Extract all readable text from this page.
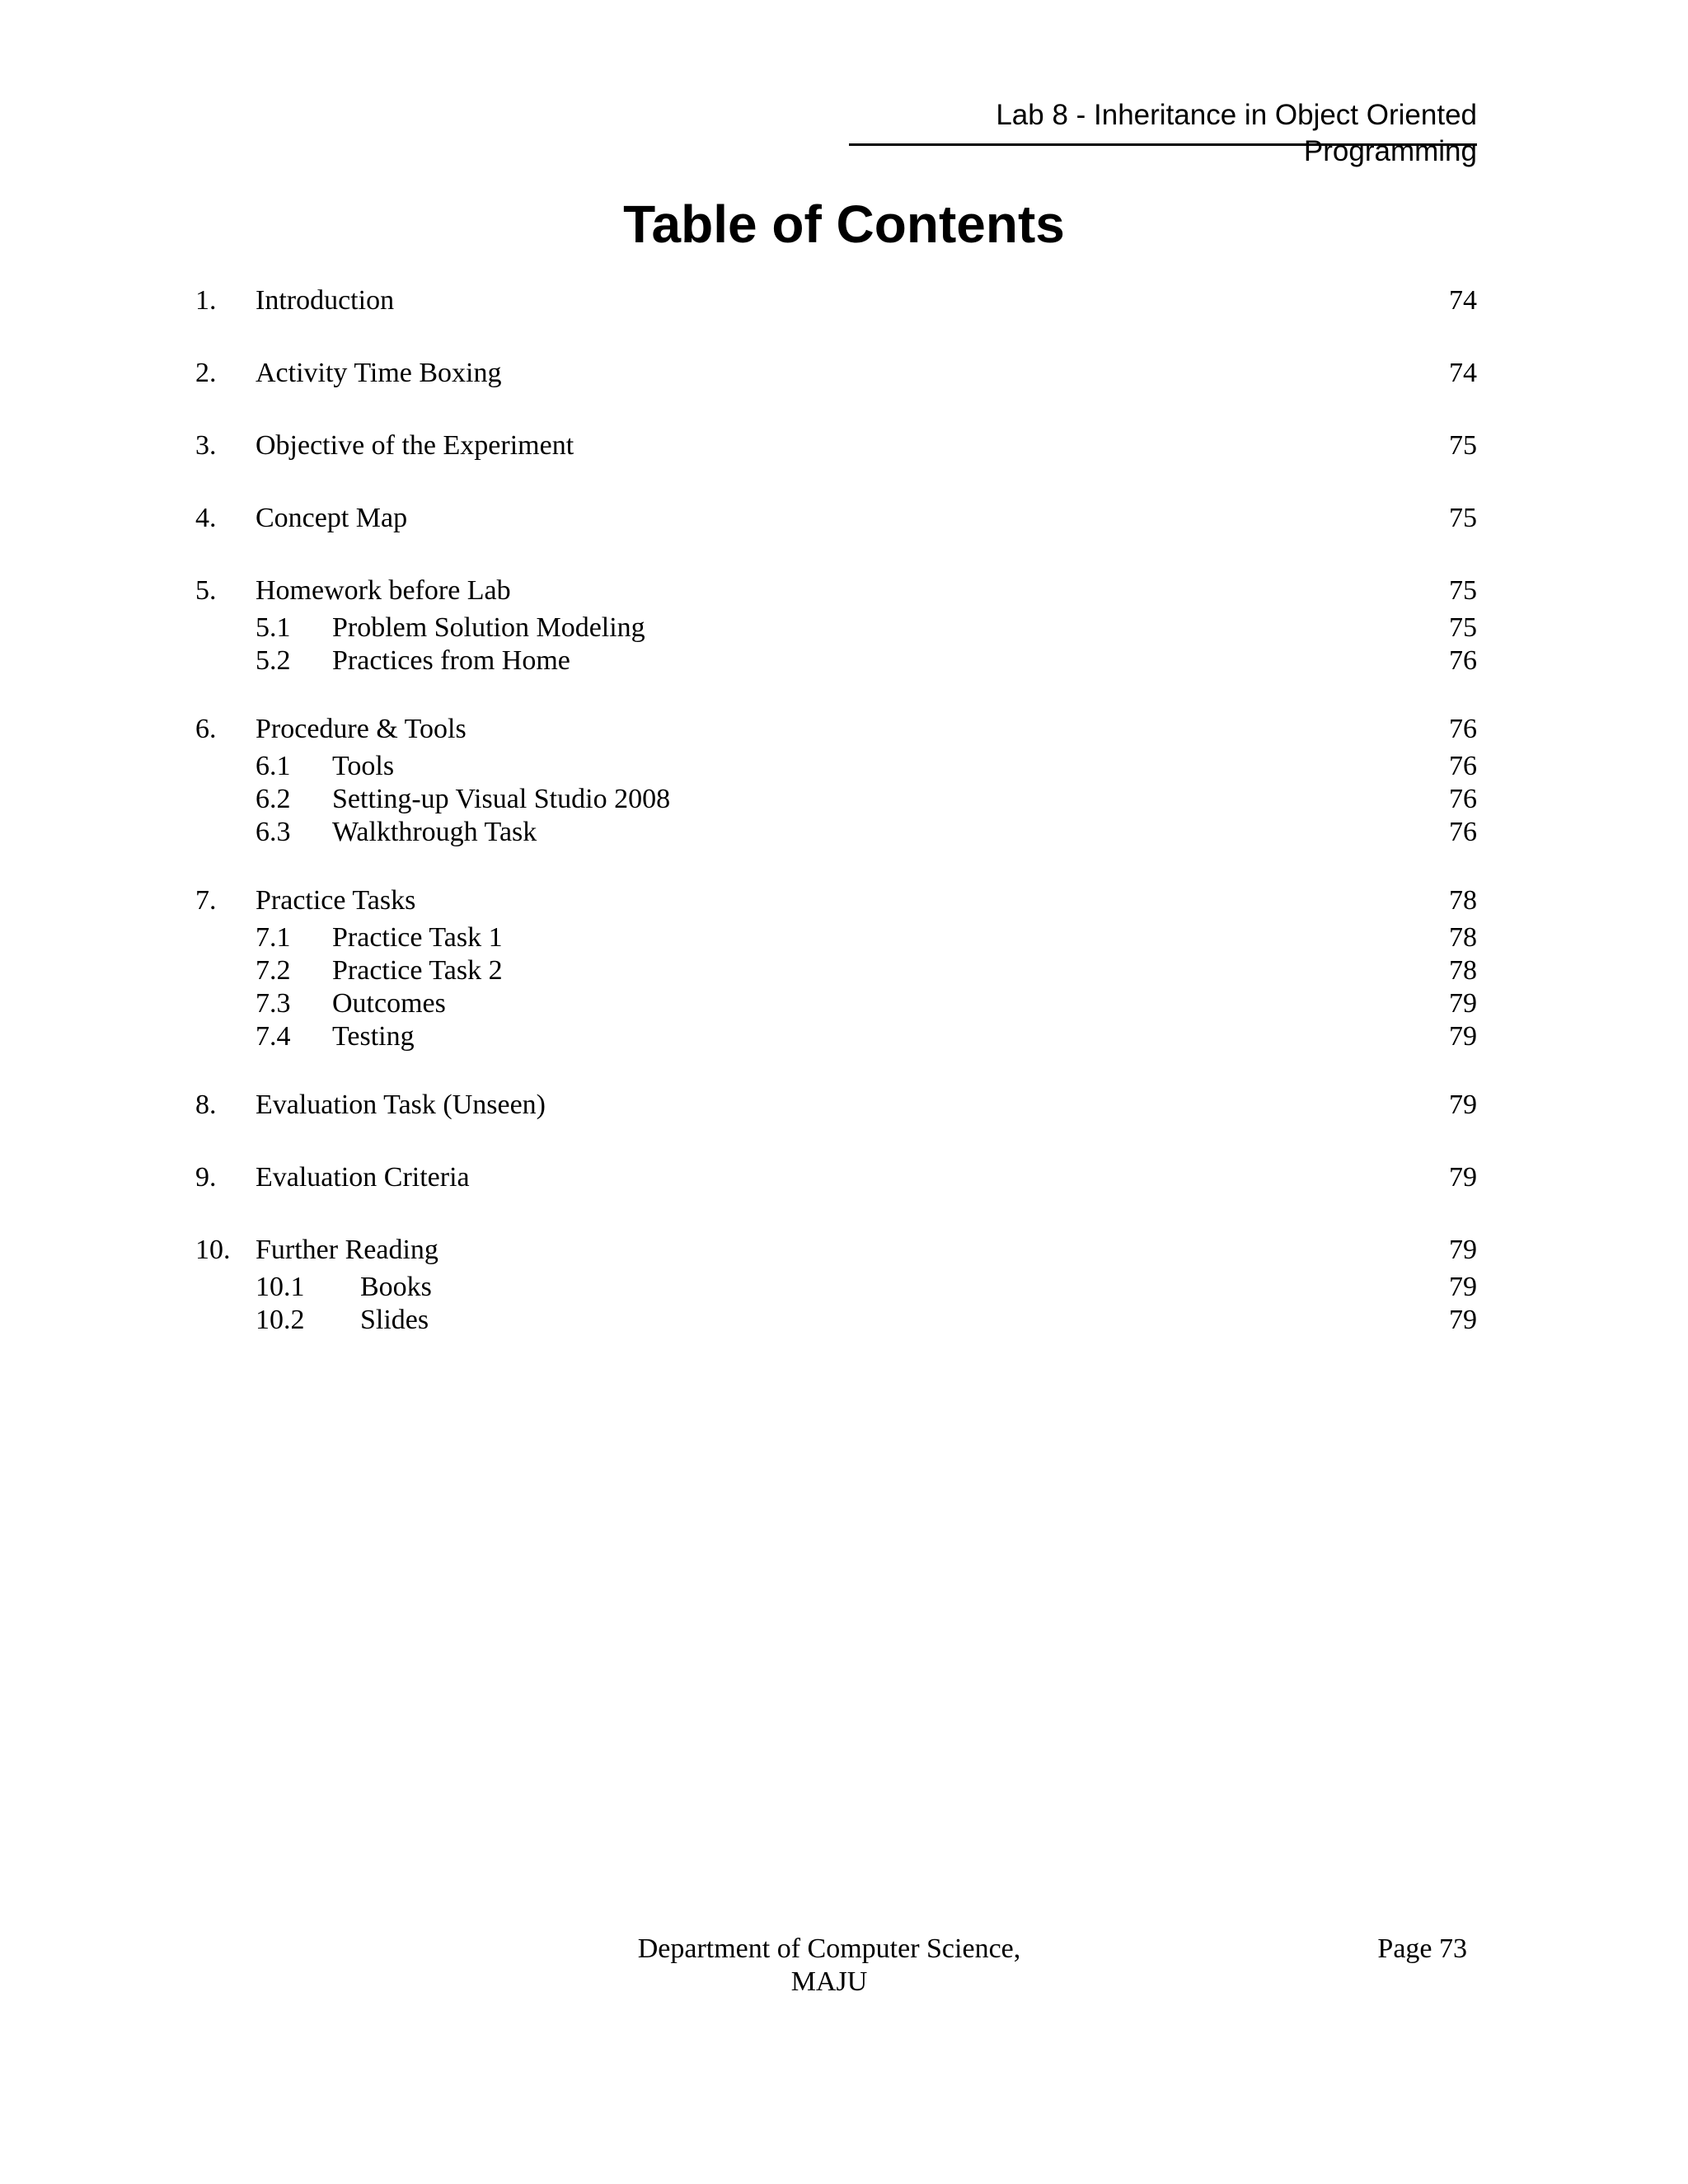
Lab 8 - Inheritance in Object Oriented Programming
Table of Contents
1. Introduction	74
2. Activity Time Boxing	74
3. Objective of the Experiment	75
4. Concept Map	75
5. Homework before Lab	75
5.1 Problem Solution Modeling	75
5.2 Practices from Home	76
6. Procedure & Tools	76
6.1 Tools	76
6.2 Setting-up Visual Studio 2008	76
6.3 Walkthrough Task	76
7. Practice Tasks	78
7.1 Practice Task 1	78
7.2 Practice Task 2	78
7.3 Outcomes	79
7.4 Testing	79
8. Evaluation Task (Unseen)	79
9. Evaluation Criteria	79
10. Further Reading	79
10.1 Books	79
10.2 Slides	79
Department of Computer Science,
MAJU
Page 73
